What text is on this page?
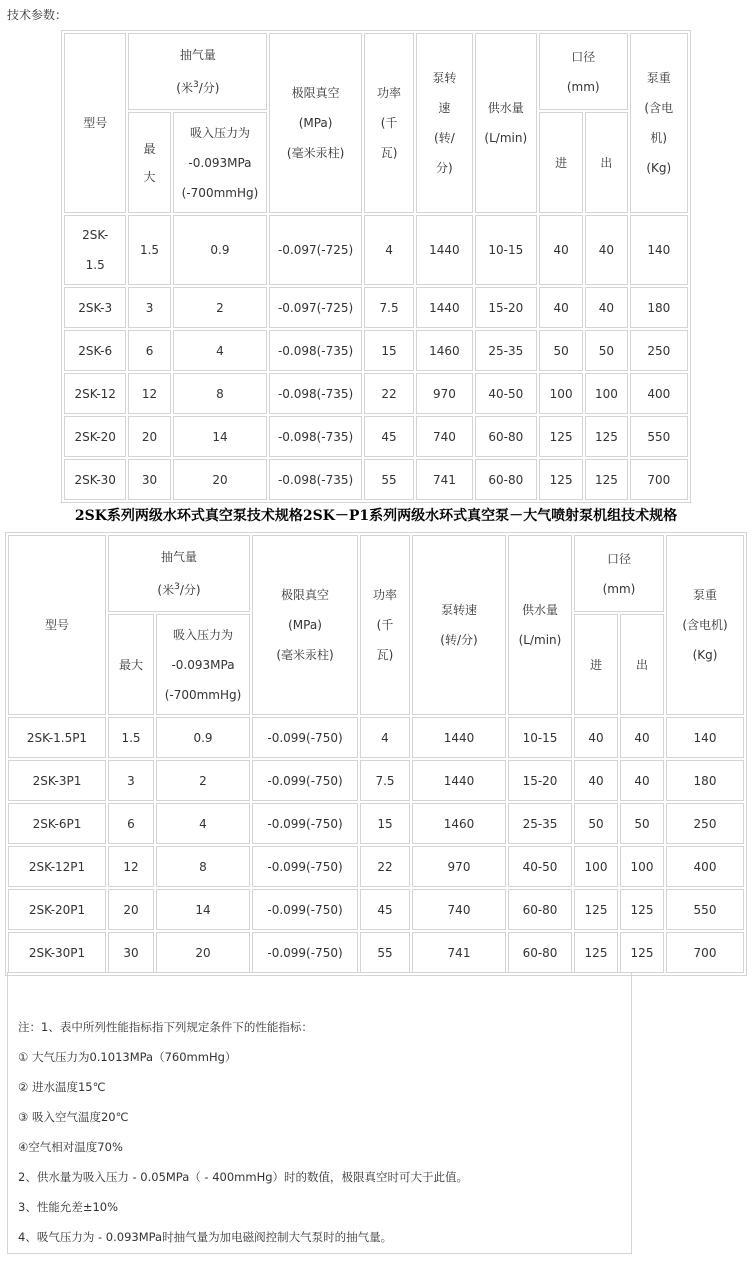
技术参数：
型号	抽气量
(米$^3$/分)		极限真空
(MPa)
(毫米汞柱)	功率
(千
瓦)	泵转
速
(转/
分)	供水量
(L/min)	口径
(mm)		泵重
(含电
机)
(Kg)

	最大	吸入压力为
-0.093MPa
(-700mmHg)					进	出	

2SK-
1.5	1.5	0.9	-0.097(-725)	4	1440	10-15	40	40	140
2SK-3	3	2	-0.097(-725)	7.5	1440	15-20	40	40	180
2SK-6	6	4	-0.098(-735)	15	1460	25-35	50	50	250
2SK-12	12	8	-0.098(-735)	22	970	40-50	100	100	400
2SK-20	20	14	-0.098(-735)	45	740	60-80	125	125	550
2SK-30	30	20	-0.098(-735)	55	741	60-80	125	125	700
2SK系列两级水环式真空泵技术规格2SK－P1系列两级水环式真空泵－大气喷射泵机组技术规格
型号	抽气量
(米$^3$/分)		极限真空
(MPa)
(毫米汞柱)	功率
(千
瓦)	泵转速
(转/分)	供水量
(L/min)	口径
(mm)		泵重
(含电机)
(Kg)

	最大	吸入压力为
-0.093MPa
(-700mmHg)					进	出	
2SK-1.5P1	1.5	0.9	-0.099(-750)	4	1440	10-15	40	40	140
2SK-3P1	3	2	-0.099(-750)	7.5	1440	15-20	40	40	180
2SK-6P1	6	4	-0.099(-750)	15	1460	25-35	50	50	250
2SK-12P1	12	8	-0.099(-750)	22	970	40-50	100	100	400
2SK-20P1	20	14	-0.099(-750)	45	740	60-80	125	125	550
2SK-30P1	30	20	-0.099(-750)	55	741	60-80	125	125	700
注：1、表中所列性能指标指下列规定条件下的性能指标：
① 大气压力为0.1013MPa（760mmHg）
② 进水温度15℃
③ 吸入空气温度20℃
④空气相对温度70%
2、供水量为吸入压力 - 0.05MPa（ - 400mmHg）时的数值，极限真空时可大于此值。
3、性能允差±10%
4、吸气压力为 - 0.093MPa时抽气量为加电磁阀控制大气泵时的抽气量。
